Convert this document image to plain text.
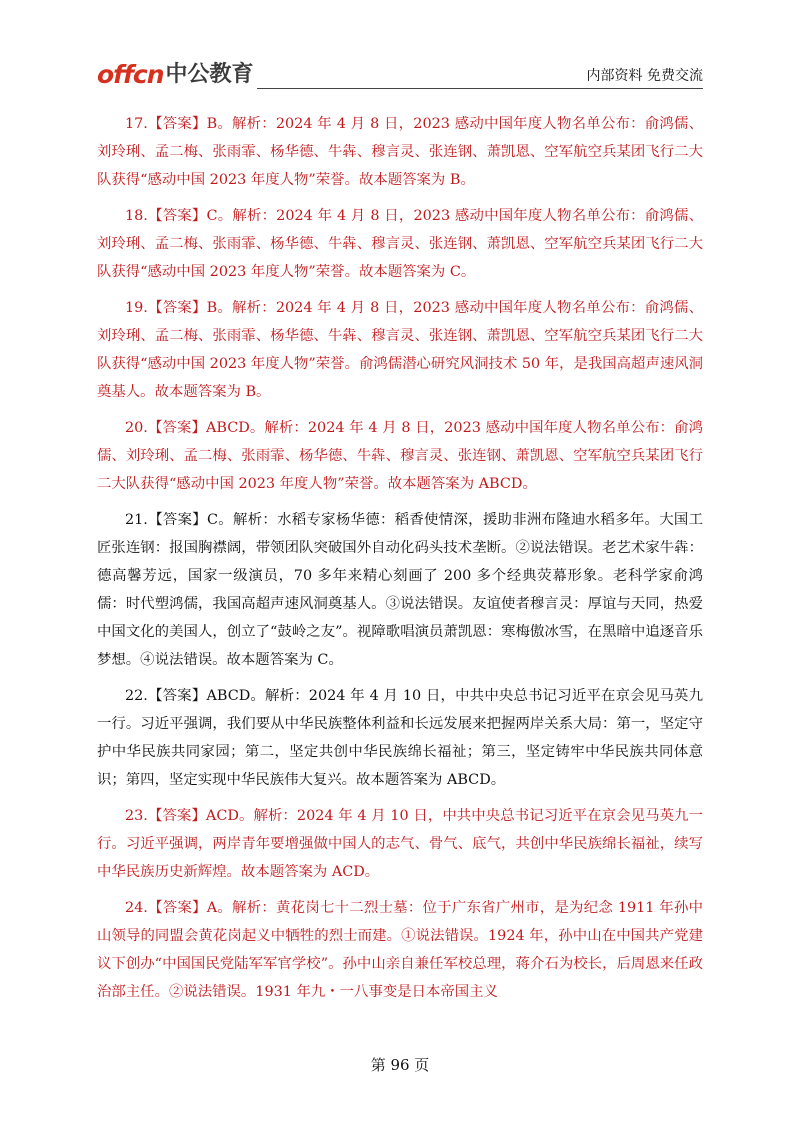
offcn 中公教育	内部资料 免费交流

17.【答案】B。解析：2024 年 4 月 8 日，2023 感动中国年度人物名单公布：俞鸿儒、刘玲琍、孟二梅、张雨霏、杨华德、牛犇、穆言灵、张连钢、萧凯恩、空军航空兵某团飞行二大队获得“感动中国 2023 年度人物”荣誉。故本题答案为 B。

18.【答案】C。解析：2024 年 4 月 8 日，2023 感动中国年度人物名单公布：俞鸿儒、刘玲琍、孟二梅、张雨霏、杨华德、牛犇、穆言灵、张连钢、萧凯恩、空军航空兵某团飞行二大队获得“感动中国 2023 年度人物”荣誉。故本题答案为 C。

19.【答案】B。解析：2024 年 4 月 8 日，2023 感动中国年度人物名单公布：俞鸿儒、刘玲琍、孟二梅、张雨霏、杨华德、牛犇、穆言灵、张连钢、萧凯恩、空军航空兵某团飞行二大队获得“感动中国 2023 年度人物”荣誉。俞鸿儒潜心研究风洞技术 50 年，是我国高超声速风洞奠基人。故本题答案为 B。

20.【答案】ABCD。解析：2024 年 4 月 8 日，2023 感动中国年度人物名单公布：俞鸿儒、刘玲琍、孟二梅、张雨霏、杨华德、牛犇、穆言灵、张连钢、萧凯恩、空军航空兵某团飞行二大队获得“感动中国 2023 年度人物”荣誉。故本题答案为 ABCD。

21.【答案】C。解析：水稻专家杨华德：稻香使情深，援助非洲布隆迪水稻多年。大国工匠张连钢：报国胸襟阔，带领团队突破国外自动化码头技术垄断。②说法错误。老艺术家牛犇：德高馨芳远，国家一级演员，70 多年来精心刻画了 200 多个经典荧幕形象。老科学家俞鸿儒：时代塑鸿儒，我国高超声速风洞奠基人。③说法错误。友谊使者穆言灵：厚谊与天同，热爱中国文化的美国人，创立了“鼓岭之友”。视障歌唱演员萧凯恩：寒梅傲冰雪，在黑暗中追逐音乐梦想。④说法错误。故本题答案为 C。

22.【答案】ABCD。解析：2024 年 4 月 10 日，中共中央总书记习近平在京会见马英九一行。习近平强调，我们要从中华民族整体利益和长远发展来把握两岸关系大局：第一，坚定守护中华民族共同家园；第二，坚定共创中华民族绵长福祉；第三，坚定铸牢中华民族共同体意识；第四，坚定实现中华民族伟大复兴。故本题答案为 ABCD。

23.【答案】ACD。解析：2024 年 4 月 10 日，中共中央总书记习近平在京会见马英九一行。习近平强调，两岸青年要增强做中国人的志气、骨气、底气，共创中华民族绵长福祉，续写中华民族历史新辉煌。故本题答案为 ACD。

24.【答案】A。解析：黄花岗七十二烈士墓：位于广东省广州市，是为纪念 1911 年孙中山领导的同盟会黄花岗起义中牺牲的烈士而建。①说法错误。1924 年，孙中山在中国共产党建议下创办“中国国民党陆军军官学校”。孙中山亲自兼任军校总理，蒋介石为校长，后周恩来任政治部主任。②说法错误。1931 年九・一八事变是日本帝国主义

第 96 页
